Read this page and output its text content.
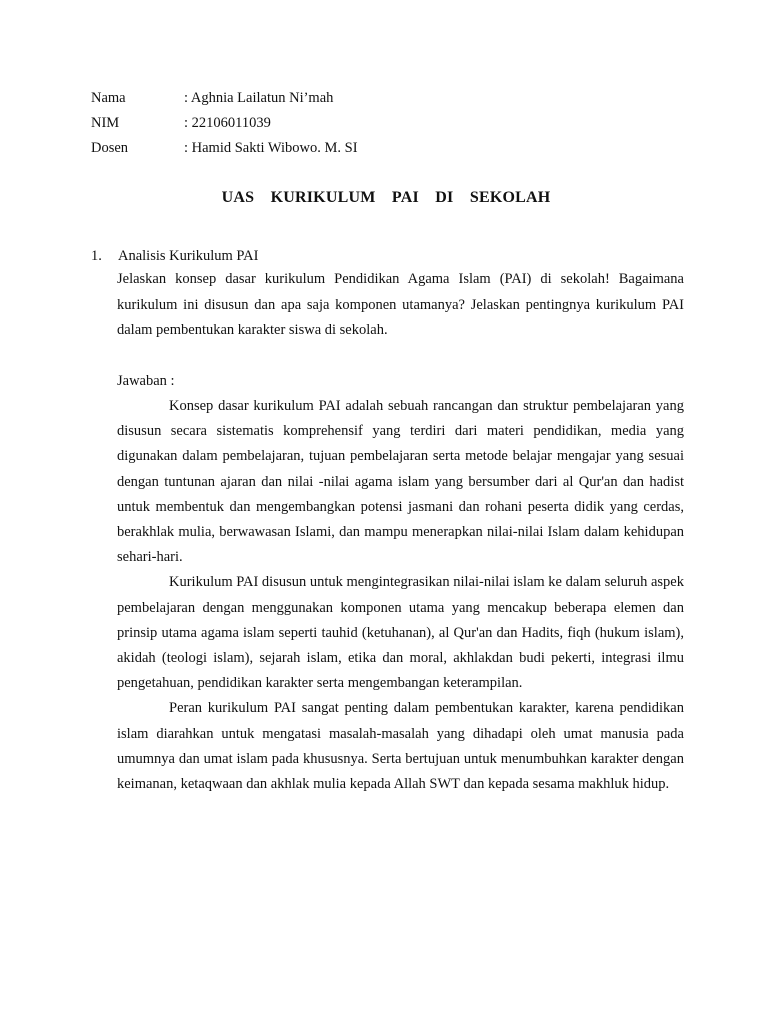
Nama	: Aghnia Lailatun Ni’mah
NIM	: 22106011039
Dosen	: Hamid Sakti Wibowo. M. SI
UAS  KURIKULUM  PAI  DI  SEKOLAH
1.	Analisis Kurikulum PAI
Jelaskan konsep dasar kurikulum Pendidikan Agama Islam (PAI) di sekolah! Bagaimana kurikulum ini disusun dan apa saja komponen utamanya? Jelaskan pentingnya kurikulum PAI dalam pembentukan karakter siswa di sekolah.
Jawaban :
Konsep dasar kurikulum PAI adalah sebuah rancangan dan struktur pembelajaran yang disusun secara sistematis komprehensif yang terdiri dari materi pendidikan, media yang digunakan dalam pembelajaran, tujuan pembelajaran serta metode belajar mengajar yang sesuai dengan tuntunan ajaran dan nilai -nilai agama islam yang bersumber dari al Qur'an dan hadist untuk membentuk dan mengembangkan potensi jasmani dan rohani peserta didik yang cerdas, berakhlak mulia, berwawasan Islami, dan mampu menerapkan nilai-nilai Islam dalam kehidupan sehari-hari.
Kurikulum PAI disusun untuk mengintegrasikan nilai-nilai islam ke dalam seluruh aspek pembelajaran dengan menggunakan komponen utama yang mencakup beberapa elemen dan prinsip utama agama islam seperti tauhid (ketuhanan), al Qur'an dan Hadits, fiqh (hukum islam), akidah (teologi islam), sejarah islam, etika dan moral, akhlakdan budi pekerti, integrasi ilmu pengetahuan, pendidikan karakter serta mengembangan keterampilan.
Peran kurikulum PAI sangat penting dalam pembentukan karakter, karena pendidikan islam diarahkan untuk mengatasi masalah-masalah yang dihadapi oleh umat manusia pada umumnya dan umat islam pada khususnya. Serta bertujuan untuk menumbuhkan karakter dengan keimanan, ketaqwaan dan akhlak mulia kepada Allah SWT dan kepada sesama makhluk hidup.
